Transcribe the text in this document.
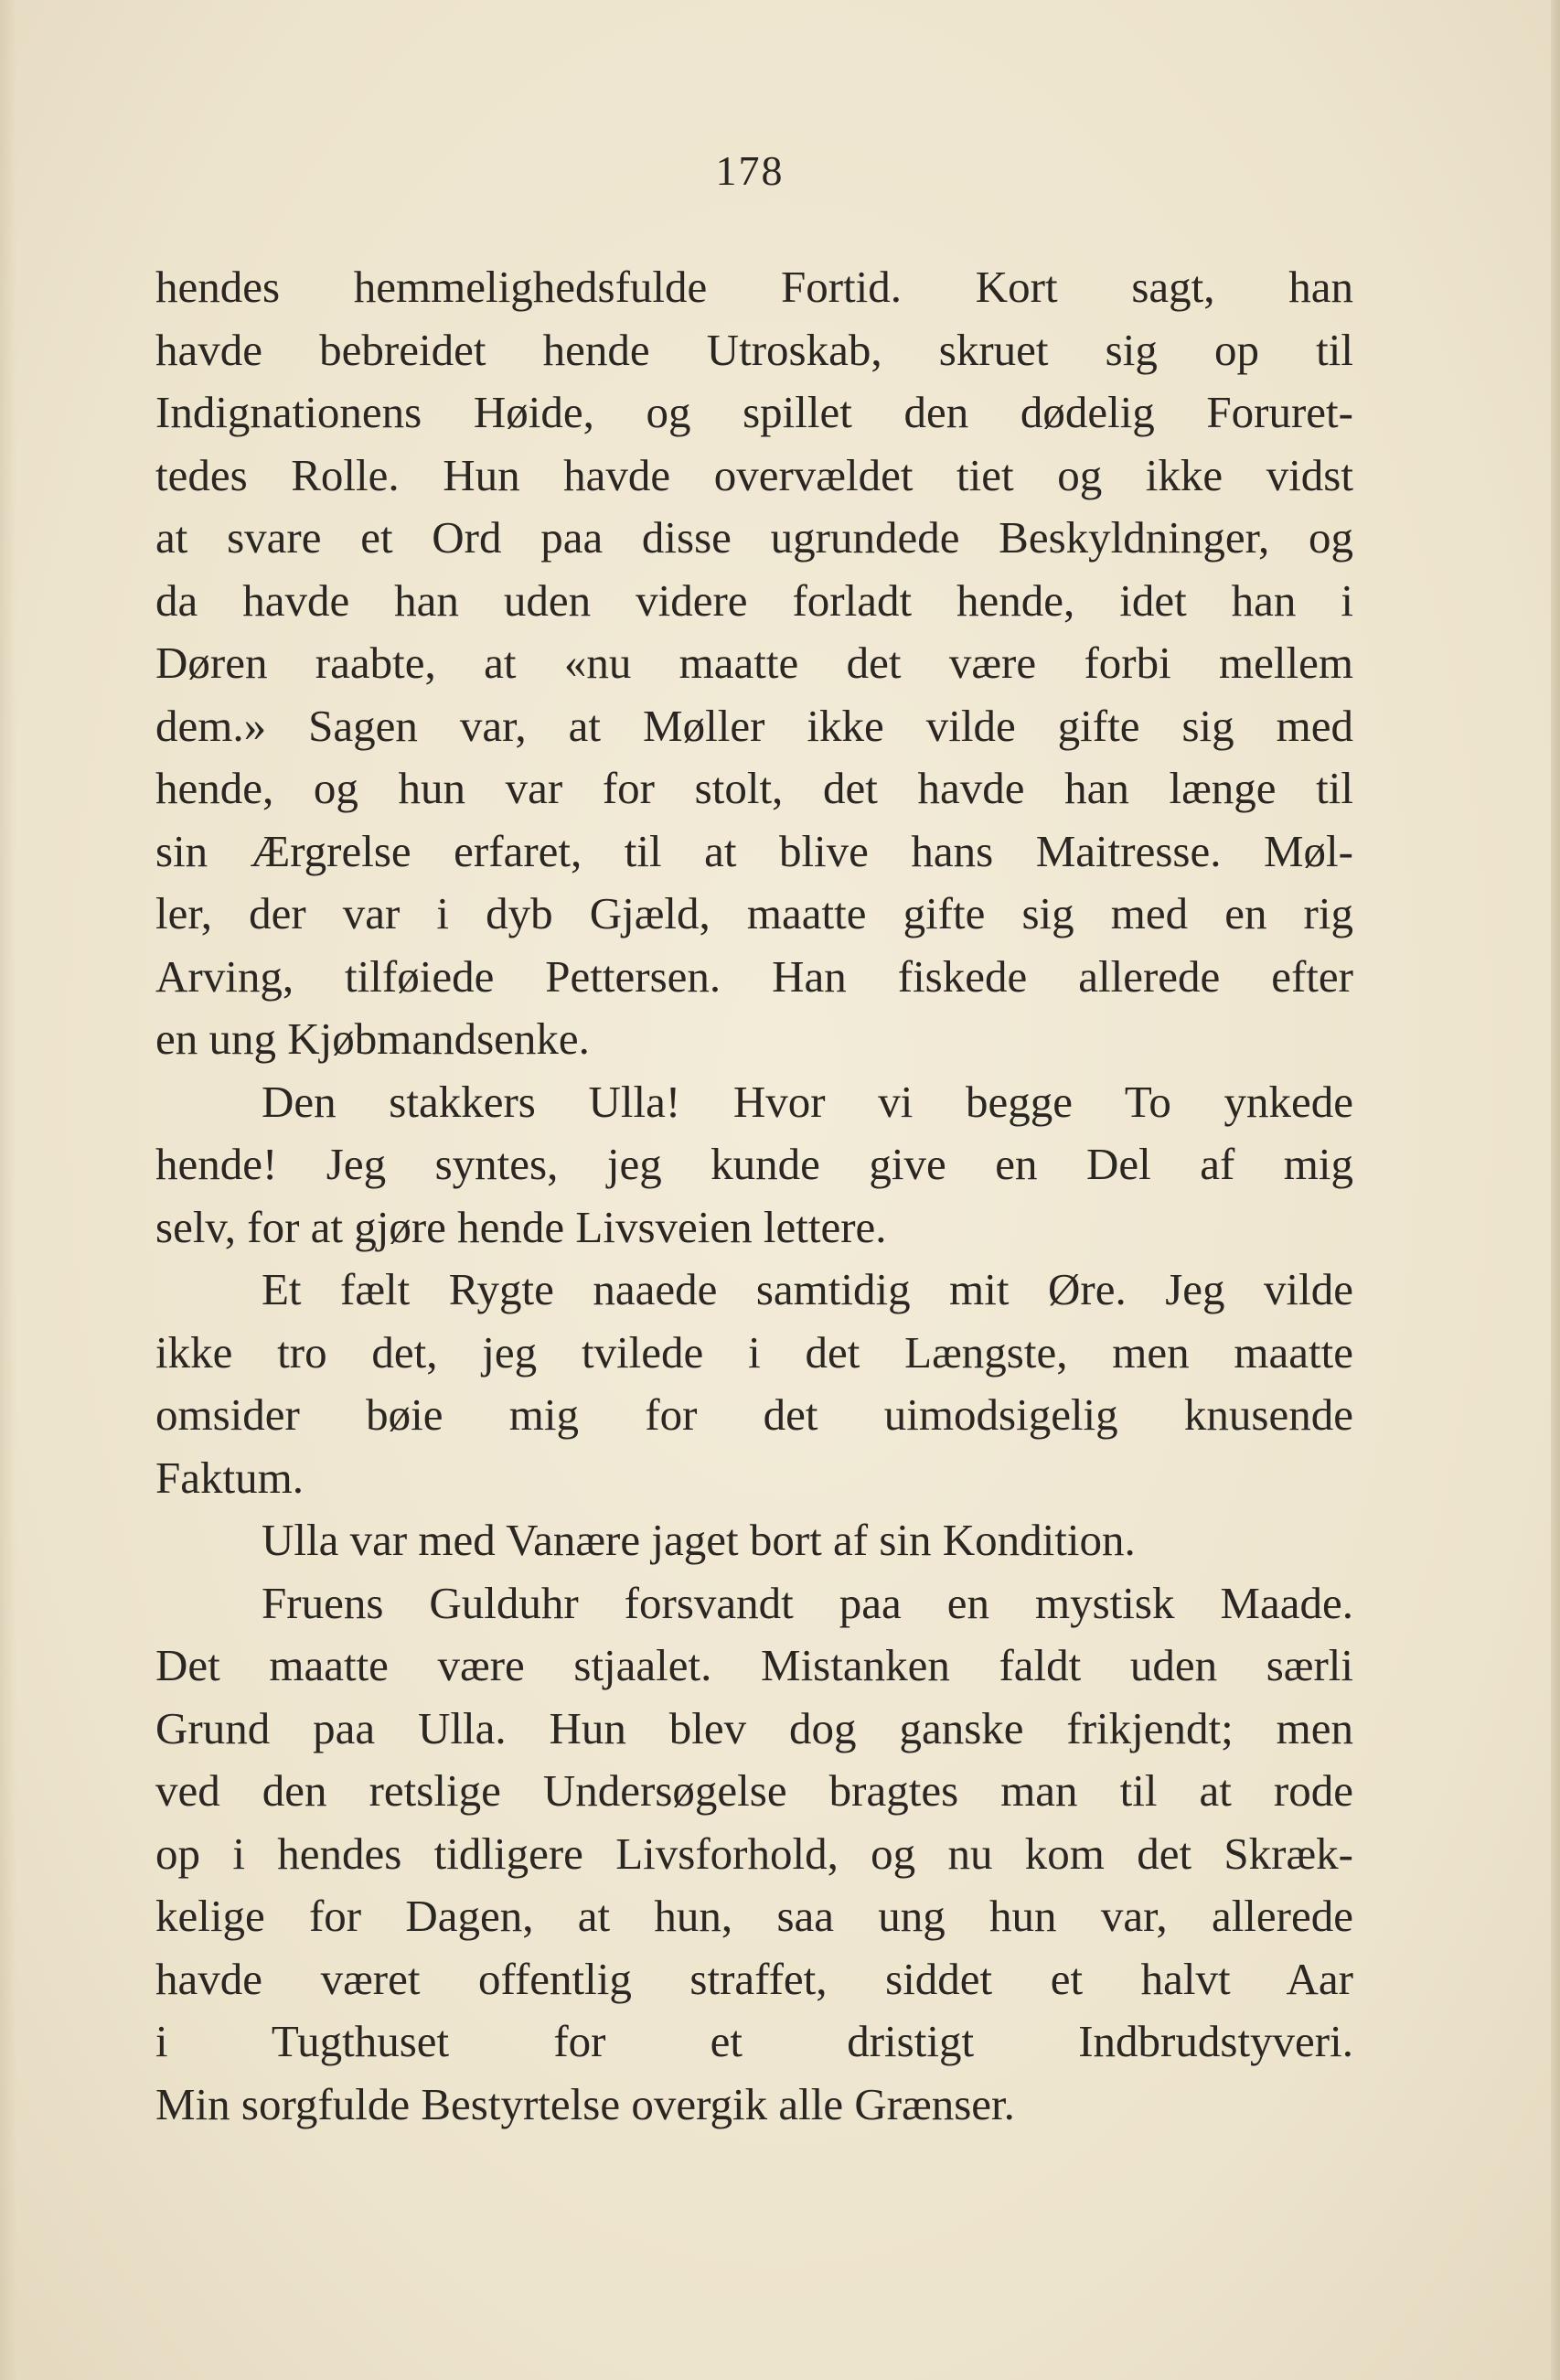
178
hendes hemmelighedsfulde Fortid. Kort sagt, han
havde bebreidet hende Utroskab, skruet sig op til
Indignationens Høide, og spillet den dødelig Foruret-
tedes Rolle. Hun havde overvældet tiet og ikke vidst
at svare et Ord paa disse ugrundede Beskyldninger, og
da havde han uden videre forladt hende, idet han i
Døren raabte, at «nu maatte det være forbi mellem
dem.» Sagen var, at Møller ikke vilde gifte sig med
hende, og hun var for stolt, det havde han længe til
sin Ærgrelse erfaret, til at blive hans Maitresse. Møl-
ler, der var i dyb Gjæld, maatte gifte sig med en rig
Arving, tilføiede Pettersen. Han fiskede allerede efter
en ung Kjøbmandsenke.
Den stakkers Ulla! Hvor vi begge To ynkede
hende! Jeg syntes, jeg kunde give en Del af mig
selv, for at gjøre hende Livsveien lettere.
Et fælt Rygte naaede samtidig mit Øre. Jeg vilde
ikke tro det, jeg tvilede i det Længste, men maatte
omsider bøie mig for det uimodsigelig knusende
Faktum.
Ulla var med Vanære jaget bort af sin Kondition.
Fruens Gulduhr forsvandt paa en mystisk Maade.
Det maatte være stjaalet. Mistanken faldt uden særli
Grund paa Ulla. Hun blev dog ganske frikjendt; men
ved den retslige Undersøgelse bragtes man til at rode
op i hendes tidligere Livsforhold, og nu kom det Skræk-
kelige for Dagen, at hun, saa ung hun var, allerede
havde været offentlig straffet, siddet et halvt Aar
i Tugthuset for et dristigt Indbrudstyveri.
Min sorgfulde Bestyrtelse overgik alle Grænser.
